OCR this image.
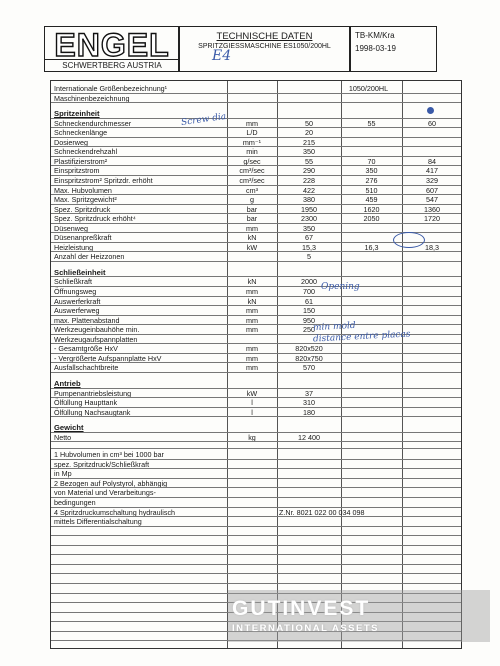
ENGEL
SCHWERTBERG AUSTRIA
TECHNISCHE DATEN
SPRITZGIESSMASCHINE ES1050/200HL
E4
TB-KM/Kra
1998-03-19
Internationale Größenbezeichnung¹	1050/200HL
Maschinenbezeichnung
Spritzeinheit
Schneckendurchmesser	mm	50	55	60
Schneckenlänge	L/D	20
Dosierweg	mm⁻¹	215
Schneckendrehzahl	min	350
Plastifizierstrom²	g/sec	55	70	84
Einspritzstrom	cm³/sec	290	350	417
Einspritzstrom² Spritzdr. erhöht	cm³/sec	228	276	329
Max. Hubvolumen	cm³	422	510	607
Max. Spritzgewicht²	g	380	459	547
Spez. Spritzdruck	bar	1950	1620	1360
Spez. Spritzdruck erhöht⁴	bar	2300	2050	1720
Düsenweg	mm	350
Düsenanpreßkraft	kN	67
Heizleistung	kW	15,3	16,3	18,3
Anzahl der Heizzonen	5
Schließeinheit
Schließkraft	kN	2000
Öffnungsweg	mm	700
Auswerferkraft	kN	61
Auswerferweg	mm	150
max. Plattenabstand	mm	950
Werkzeugeinbauhöhe min.	mm	250
Werkzeugaufspannplatten
- Gesamtgröße HxV	mm	820x520
- Vergrößerte Aufspannplatte HxV	mm	820x750
Ausfallschachtbreite	mm	570
Antrieb
Pumpenantriebsleistung	kW	37
Ölfüllung Haupttank	l	310
Ölfüllung Nachsaugtank	l	180
Gewicht
Netto	kg	12 400
1 Hubvolumen in cm³ bei 1000 bar
spez. Spritzdruck/Schließkraft
in Mp
2 Bezogen auf Polystyrol, abhängig
von Material und Verarbeitungs-
bedingungen
4 Spritzdruckumschaltung hydraulisch	Z.Nr. 8021 022 00 034 098
mittels Differentialschaltung
Screw dia
Opening
min mold
distance entre placas
GUTINVEST
INTERNATIONAL ASSETS
